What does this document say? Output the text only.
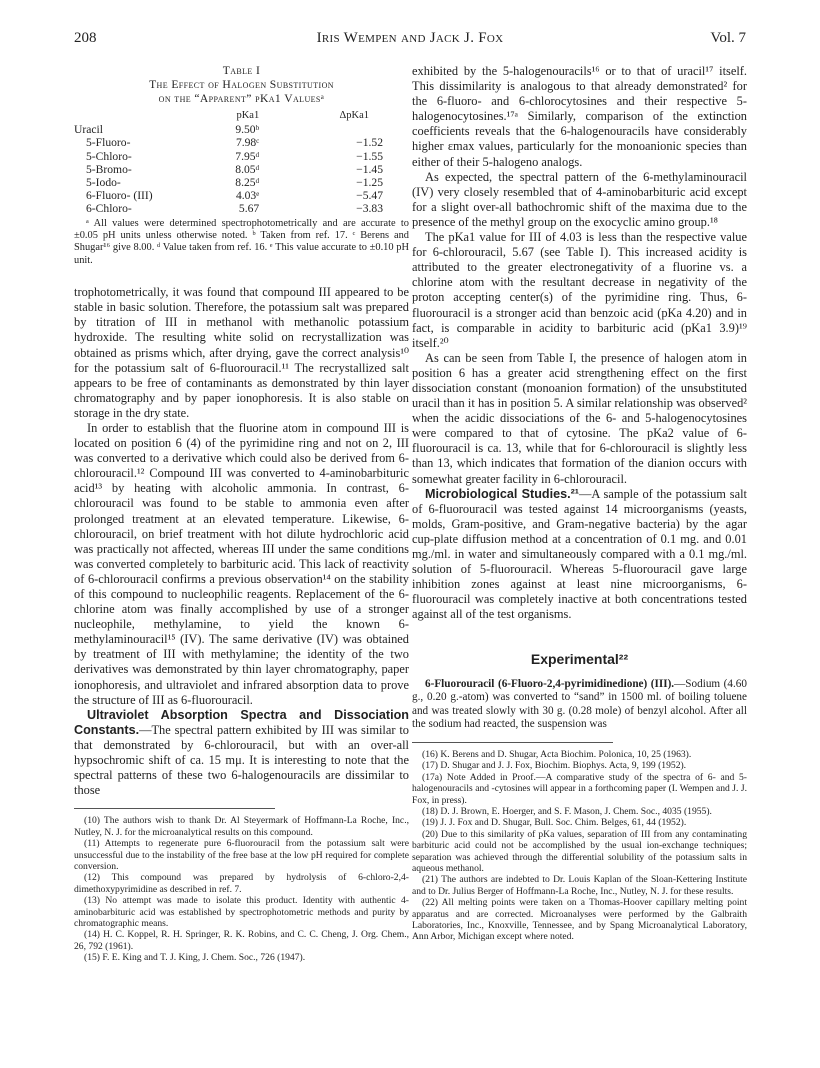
208	Iris Wempen and Jack J. Fox	Vol. 7
Table I
The Effect of Halogen Substitution
on the “Apparent” pKa1 Valuesᵃ
	pKa1	ΔpKa1
Uracil	9.50ᵇ	
5-Fluoro-	7.98ᶜ	−1.52
5-Chloro-	7.95ᵈ	−1.55
5-Bromo-	8.05ᵈ	−1.45
5-Iodo-	8.25ᵈ	−1.25
6-Fluoro- (III)	4.03ᵉ	−5.47
6-Chloro-	5.67	−3.83
ᵃ All values were determined spectrophotometrically and are accurate to ±0.05 pH units unless otherwise noted. ᵇ Taken from ref. 17. ᶜ Berens and Shugar¹⁶ give 8.00. ᵈ Value taken from ref. 16. ᵉ This value accurate to ±0.10 pH unit.

trophotometrically, it was found that compound III appeared to be stable in basic solution. Therefore, the potassium salt was prepared by titration of III in methanol with methanolic potassium hydroxide. The resulting white solid on recrystallization was obtained as prisms which, after drying, gave the correct analysis¹⁰ for the potassium salt of 6-fluorouracil.¹¹ The recrystallized salt appears to be free of contaminants as demonstrated by thin layer chromatography and by paper ionophoresis. It is also stable on storage in the dry state.

In order to establish that the fluorine atom in compound III is located on position 6 (4) of the pyrimidine ring and not on 2, III was converted to a derivative which could also be derived from 6-chlorouracil.¹² Compound III was converted to 4-aminobarbituric acid¹³ by heating with alcoholic ammonia. In contrast, 6-chlorouracil was found to be stable to ammonia even after prolonged treatment at an elevated temperature. Likewise, 6-chlorouracil, on brief treatment with hot dilute hydrochloric acid was practically not affected, whereas III under the same conditions was converted completely to barbituric acid. This lack of reactivity of 6-chlorouracil confirms a previous observation¹⁴ on the stability of this compound to nucleophilic reagents. Replacement of the 6-chlorine atom was finally accomplished by use of a stronger nucleophile, methylamine, to yield the known 6-methylaminouracil¹⁵ (IV). The same derivative (IV) was obtained by treatment of III with methylamine; the identity of the two derivatives was demonstrated by thin layer chromatography, paper ionophoresis, and ultraviolet and infrared absorption data to prove the structure of III as 6-fluorouracil.

Ultraviolet Absorption Spectra and Dissociation Constants.—The spectral pattern exhibited by III was similar to that demonstrated by 6-chlorouracil, but with an over-all hypsochromic shift of ca. 15 mμ. It is interesting to note that the spectral patterns of these two 6-halogenouracils are dissimilar to those

(10) The authors wish to thank Dr. Al Steyermark of Hoffmann-La Roche, Inc., Nutley, N. J. for the microanalytical results on this compound.
(11) Attempts to regenerate pure 6-fluorouracil from the potassium salt were unsuccessful due to the instability of the free base at the low pH required for complete conversion.
(12) This compound was prepared by hydrolysis of 6-chloro-2,4-dimethoxypyrimidine as described in ref. 7.
(13) No attempt was made to isolate this product. Identity with authentic 4-aminobarbituric acid was established by spectrophotometric methods and purity by chromatographic means.
(14) H. C. Koppel, R. H. Springer, R. K. Robins, and C. C. Cheng, J. Org. Chem., 26, 792 (1961).
(15) F. E. King and T. J. King, J. Chem. Soc., 726 (1947).

exhibited by the 5-halogenouracils¹⁶ or to that of uracil¹⁷ itself. This dissimilarity is analogous to that already demonstrated² for the 6-fluoro- and 6-chlorocytosines and their respective 5-halogenocytosines.¹⁷ᵃ Similarly, comparison of the extinction coefficients reveals that the 6-halogenouracils have considerably higher εmax values, particularly for the monoanionic species than either of their 5-halogeno analogs.

As expected, the spectral pattern of the 6-methylaminouracil (IV) very closely resembled that of 4-aminobarbituric acid except for a slight over-all bathochromic shift of the maxima due to the presence of the methyl group on the exocyclic amino group.¹⁸

The pKa1 value for III of 4.03 is less than the respective value for 6-chlorouracil, 5.67 (see Table I). This increased acidity is attributed to the greater electronegativity of a fluorine vs. a chlorine atom with the resultant decrease in negativity of the proton accepting center(s) of the pyrimidine ring. Thus, 6-fluorouracil is a stronger acid than benzoic acid (pKa 4.20) and in fact, is comparable in acidity to barbituric acid (pKa1 3.9)¹⁹ itself.²⁰

As can be seen from Table I, the presence of halogen atom in position 6 has a greater acid strengthening effect on the first dissociation constant (monoanion formation) of the unsubstituted uracil than it has in position 5. A similar relationship was observed² when the acidic dissociations of the 6- and 5-halogenocytosines were compared to that of cytosine. The pKa2 value of 6-fluorouracil is ca. 13, while that for 6-chlorouracil is slightly less than 13, which indicates that formation of the dianion occurs with somewhat greater facility in 6-chlorouracil.

Microbiological Studies.²¹—A sample of the potassium salt of 6-fluorouracil was tested against 14 microorganisms (yeasts, molds, Gram-positive, and Gram-negative bacteria) by the agar cup-plate diffusion method at a concentration of 0.1 mg. and 0.01 mg./ml. in water and simultaneously compared with a 0.1 mg./ml. solution of 5-fluorouracil. Whereas 5-fluorouracil gave large inhibition zones against at least nine microorganisms, 6-fluorouracil was completely inactive at both concentrations tested against all of the test organisms.

Experimental²²

6-Fluorouracil (6-Fluoro-2,4-pyrimidinedione) (III).—Sodium (4.60 g., 0.20 g.-atom) was converted to “sand” in 1500 ml. of boiling toluene and was treated slowly with 30 g. (0.28 mole) of benzyl alcohol. After all the sodium had reacted, the suspension was

(16) K. Berens and D. Shugar, Acta Biochim. Polonica, 10, 25 (1963).
(17) D. Shugar and J. J. Fox, Biochim. Biophys. Acta, 9, 199 (1952).
(17a) Note Added in Proof.—A comparative study of the spectra of 6- and 5-halogenouracils and -cytosines will appear in a forthcoming paper (I. Wempen and J. J. Fox, in press).
(18) D. J. Brown, E. Hoerger, and S. F. Mason, J. Chem. Soc., 4035 (1955).
(19) J. J. Fox and D. Shugar, Bull. Soc. Chim. Belges, 61, 44 (1952).
(20) Due to this similarity of pKa values, separation of III from any contaminating barbituric acid could not be accomplished by the usual ion-exchange techniques; separation was achieved through the differential solubility of the potassium salts in aqueous methanol.
(21) The authors are indebted to Dr. Louis Kaplan of the Sloan-Kettering Institute and to Dr. Julius Berger of Hoffmann-La Roche, Inc., Nutley, N. J. for these results.
(22) All melting points were taken on a Thomas-Hoover capillary melting point apparatus and are corrected. Microanalyses were performed by the Galbraith Laboratories, Inc., Knoxville, Tennessee, and by Spang Microanalytical Laboratory, Ann Arbor, Michigan except where noted.
